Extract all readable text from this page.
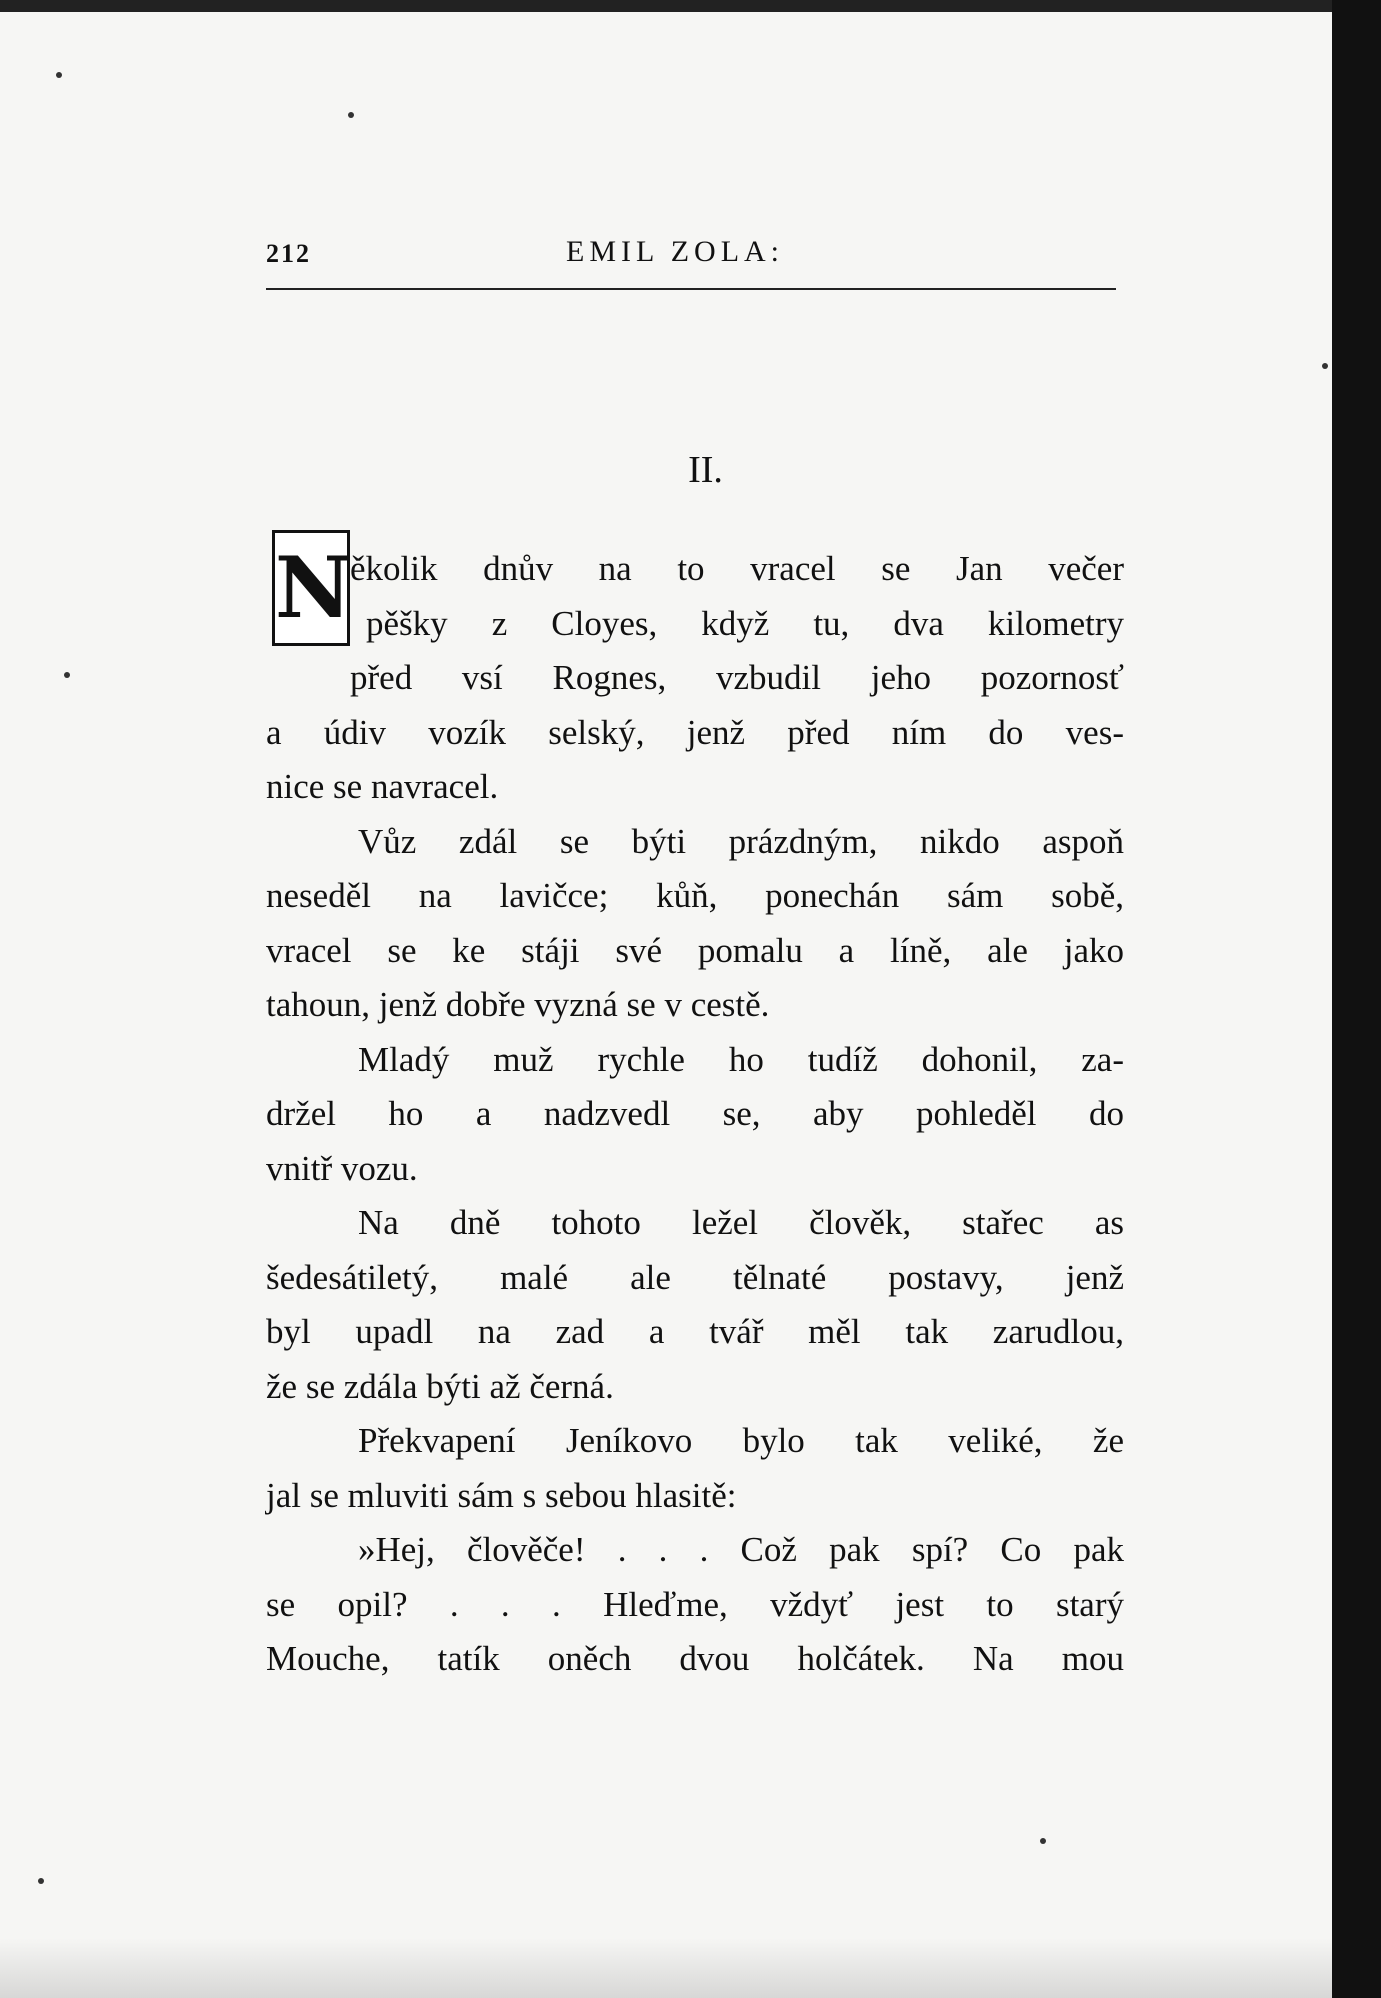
212	EMIL ZOLA:
II.
N
ěkolik dnův na to vracel se Jan večer
pěšky z Cloyes, když tu, dva kilometry
před vsí Rognes, vzbudil jeho pozornosť
a údiv vozík selský, jenž před ním do ves-
nice se navracel.
Vůz zdál se býti prázdným, nikdo aspoň
neseděl na lavičce; kůň, ponechán sám sobě,
vracel se ke stáji své pomalu a líně, ale jako
tahoun, jenž dobře vyzná se v cestě.
Mladý muž rychle ho tudíž dohonil, za-
držel ho a nadzvedl se, aby pohleděl do
vnitř vozu.
Na dně tohoto ležel člověk, stařec as
šedesátiletý, malé ale tělnaté postavy, jenž
byl upadl na zad a tvář měl tak zarudlou,
že se zdála býti až černá.
Překvapení Jeníkovo bylo tak veliké, že
jal se mluviti sám s sebou hlasitě:
»Hej, člověče! . . . Což pak spí? Co pak
se opil? . . . Hleďme, vždyť jest to starý
Mouche, tatík oněch dvou holčátek. Na mou
